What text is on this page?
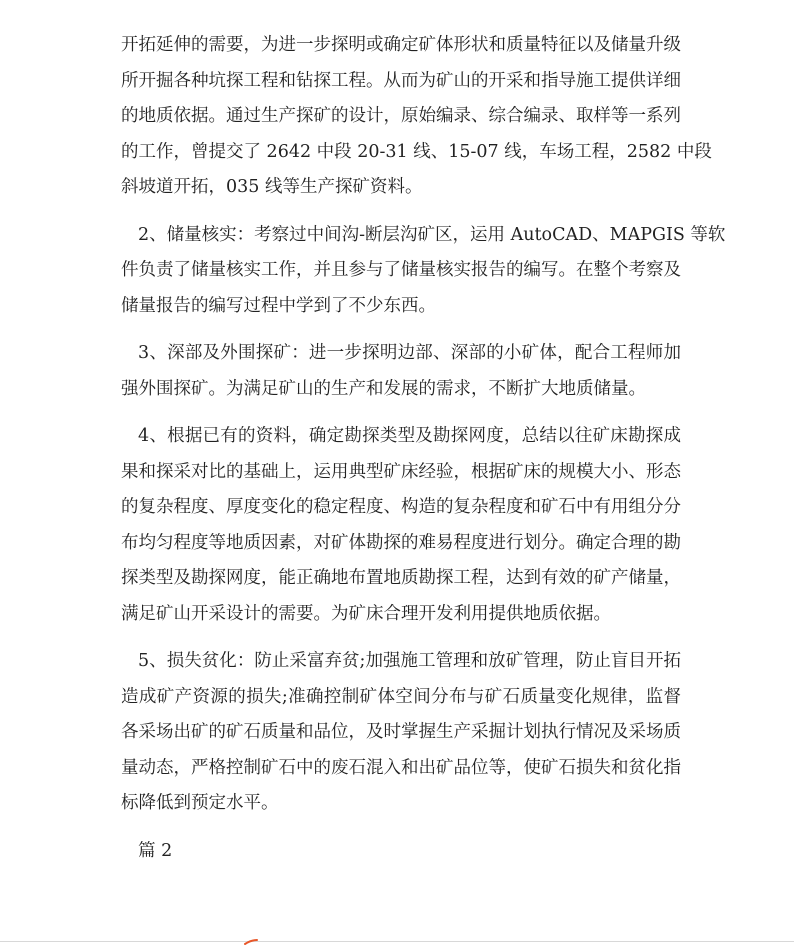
开拓延伸的需要，为进一步探明或确定矿体形状和质量特征以及储量升级
所开掘各种坑探工程和钻探工程。从而为矿山的开采和指导施工提供详细
的地质依据。通过生产探矿的设计，原始编录、综合编录、取样等一系列
的工作，曾提交了 2642 中段 20-31 线、15-07 线，车场工程，2582 中段
斜坡道开拓，035 线等生产探矿资料。

2、储量核实：考察过中间沟-断层沟矿区，运用 AutoCAD、MAPGIS 等软
件负责了储量核实工作，并且参与了储量核实报告的编写。在整个考察及
储量报告的编写过程中学到了不少东西。

3、深部及外围探矿：进一步探明边部、深部的小矿体，配合工程师加
强外围探矿。为满足矿山的生产和发展的需求，不断扩大地质储量。

4、根据已有的资料，确定勘探类型及勘探网度，总结以往矿床勘探成
果和探采对比的基础上，运用典型矿床经验，根据矿床的规模大小、形态
的复杂程度、厚度变化的稳定程度、构造的复杂程度和矿石中有用组分分
布均匀程度等地质因素，对矿体勘探的难易程度进行划分。确定合理的勘
探类型及勘探网度，能正确地布置地质勘探工程，达到有效的矿产储量，
满足矿山开采设计的需要。为矿床合理开发利用提供地质依据。

5、损失贫化：防止采富弃贫;加强施工管理和放矿管理，防止盲目开拓
造成矿产资源的损失;准确控制矿体空间分布与矿石质量变化规律，监督
各采场出矿的矿石质量和品位，及时掌握生产采掘计划执行情况及采场质
量动态，严格控制矿石中的废石混入和出矿品位等，使矿石损失和贫化指
标降低到预定水平。

篇 2
